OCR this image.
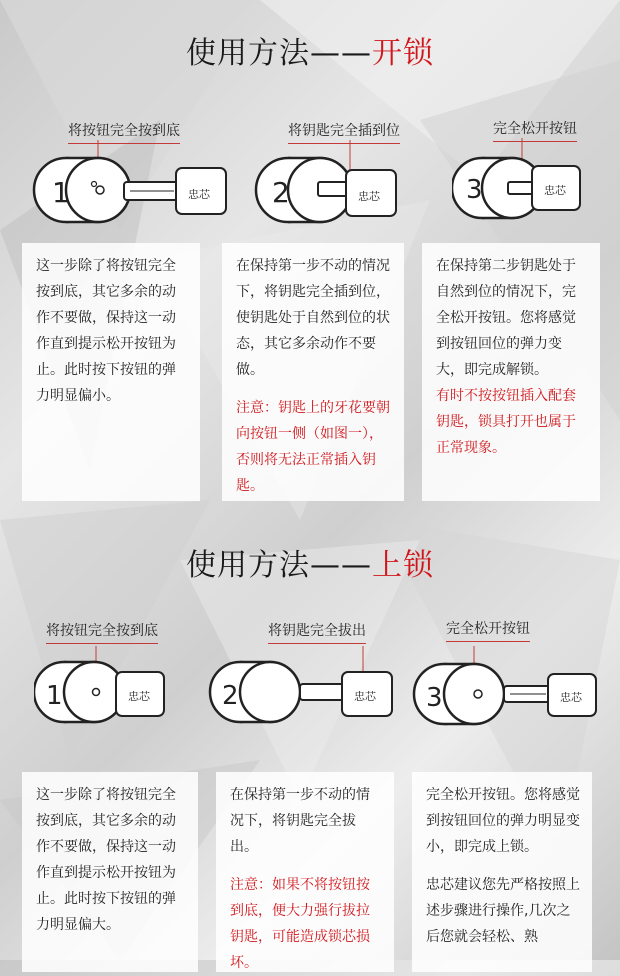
使用方法——开锁
将按钮完全按到底	将钥匙完全插到位	完全松开按钮
1	忠芯 2	忠芯	3	忠芯

这一步除了将按钮完全按到底，其它多余的动作不要做，保持这一动作直到提示松开按钮为止。此时按下按钮的弹力明显偏小。

在保持第一步不动的情况下，将钥匙完全插到位，使钥匙处于自然到位的状态，其它多余动作不要做。

注意：钥匙上的牙花要朝向按钮一侧（如图一），否则将无法正常插入钥匙。

在保持第二步钥匙处于自然到位的情况下，完全松开按钮。您将感觉到按钮回位的弹力变大，即完成解锁。

有时不按按钮插入配套钥匙，锁具打开也属于正常现象。

使用方法——上锁
将按钮完全按到底	将钥匙完全拔出	完全松开按钮
1	忠芯	2	忠芯 3	忠芯

这一步除了将按钮完全按到底，其它多余的动作不要做，保持这一动作直到提示松开按钮为止。此时按下按钮的弹力明显偏大。

在保持第一步不动的情况下，将钥匙完全拔出。

注意：如果不将按钮按到底，便大力强行拔拉钥匙，可能造成锁芯损坏。

完全松开按钮。您将感觉到按钮回位的弹力明显变小，即完成上锁。

忠芯建议您先严格按照上述步骤进行操作,几次之后您就会轻松、熟
